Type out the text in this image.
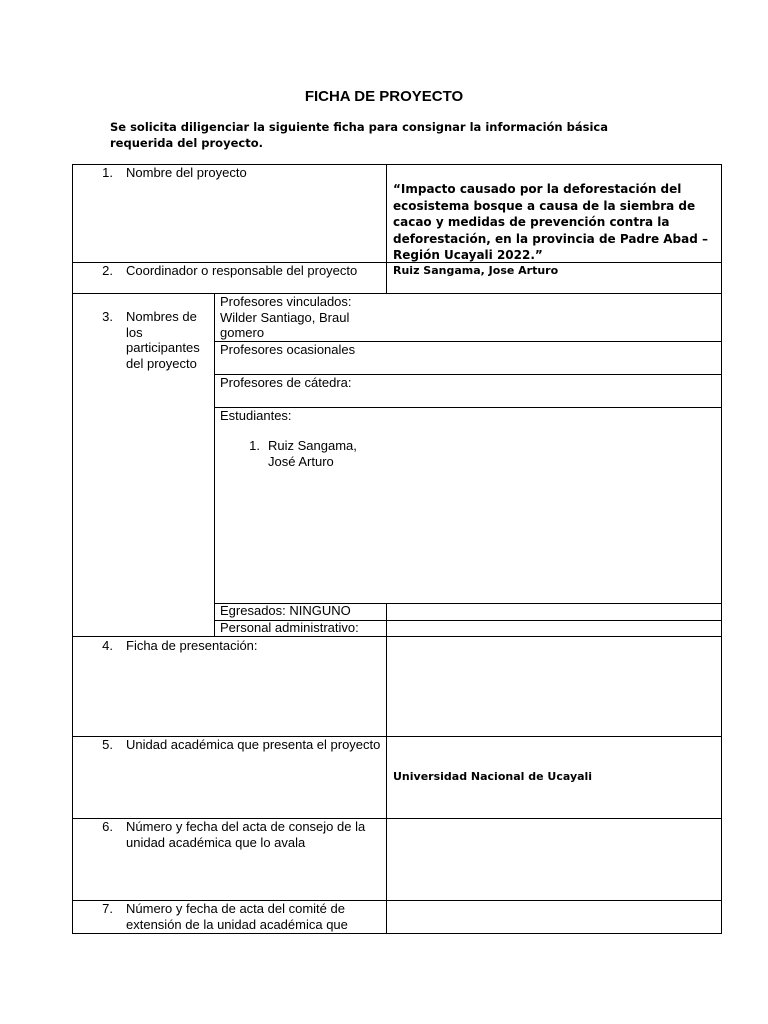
FICHA DE PROYECTO
Se solicita diligenciar la siguiente ficha para consignar la información básica requerida del proyecto.
1. Nombre del proyecto
“Impacto causado por la deforestación del ecosistema bosque a causa de la siembra de cacao y medidas de prevención contra la deforestación, en la provincia de Padre Abad – Región Ucayali 2022.”
2. Coordinador o responsable del proyecto	Ruiz Sangama, Jose Arturo
3. Nombres de los participantes del proyecto
Profesores vinculados: Wilder Santiago, Braul gomero
Profesores ocasionales
Profesores de cátedra:
Estudiantes:
1. Ruiz Sangama, José Arturo
Egresados: NINGUNO
Personal administrativo:
4. Ficha de presentación:
5. Unidad académica que presenta el proyecto
Universidad Nacional de Ucayali
6. Número y fecha del acta de consejo de la unidad académica que lo avala
7. Número y fecha de acta del comité de extensión de la unidad académica que
